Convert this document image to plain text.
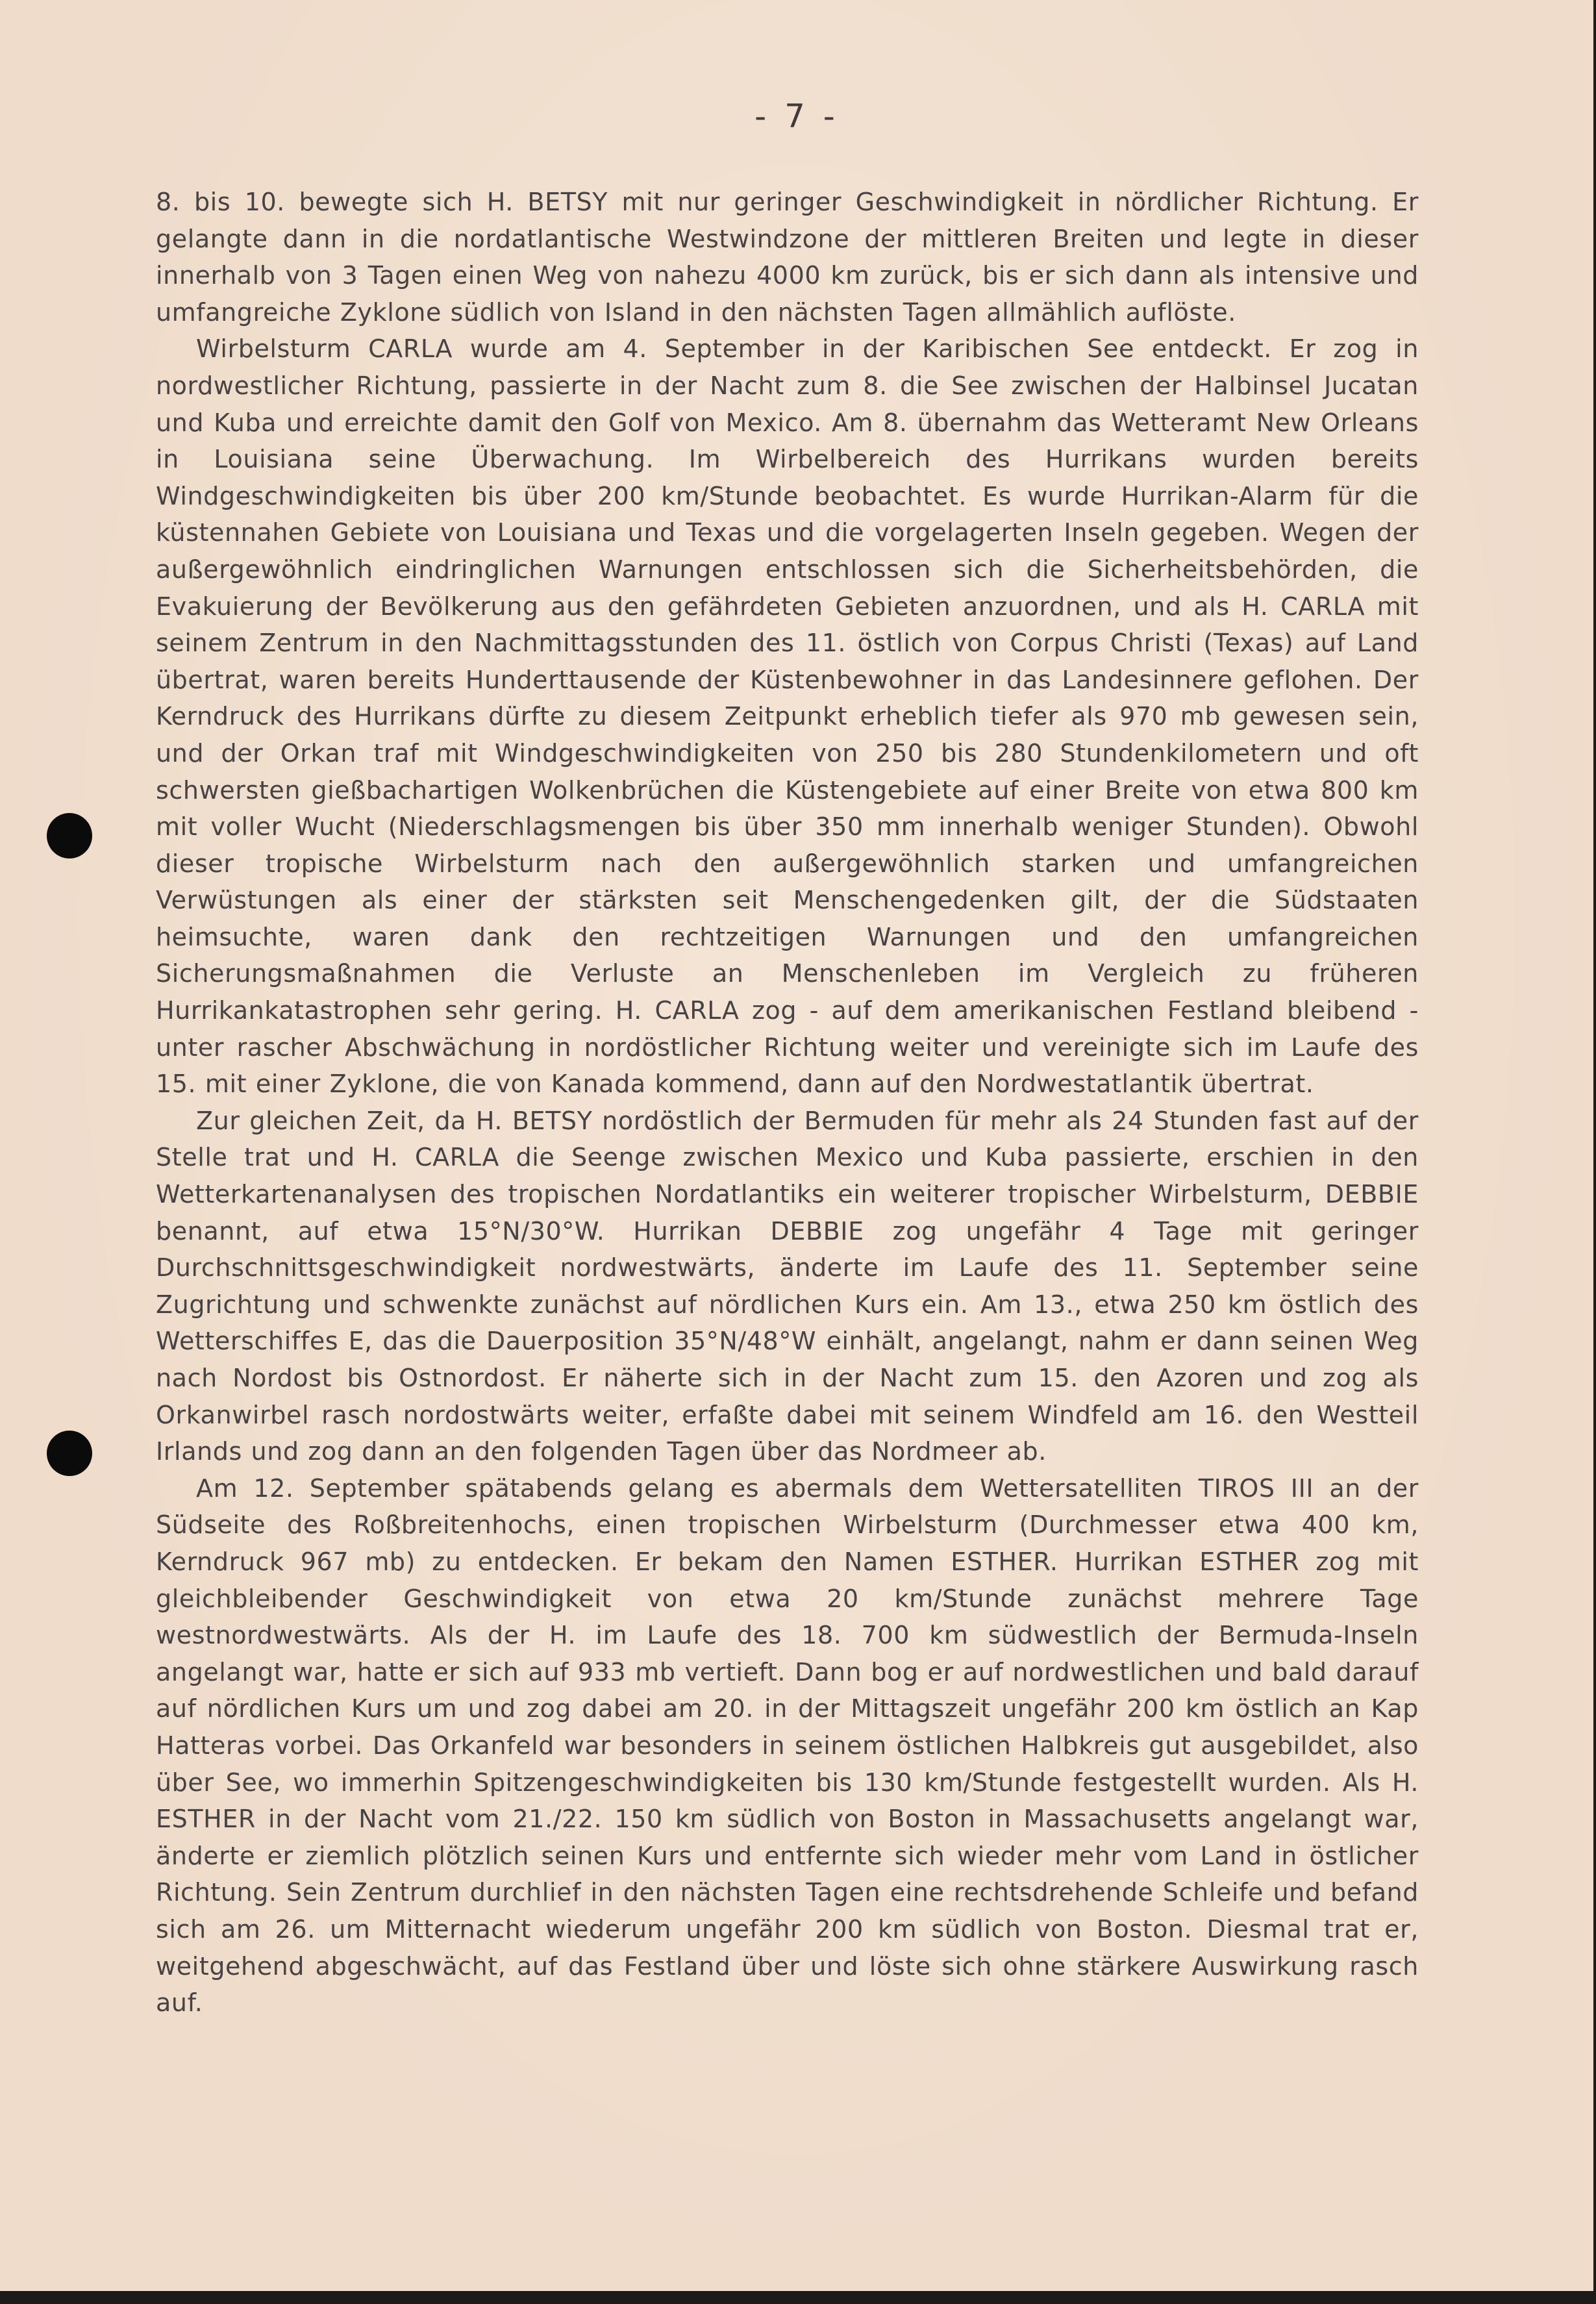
- 7 -

8. bis 10. bewegte sich H. BETSY mit nur geringer Geschwindigkeit in nördlicher Richtung. Er gelangte dann in die nordatlantische Westwindzone der mittleren Breiten und legte in dieser innerhalb von 3 Tagen einen Weg von nahezu 4000 km zurück, bis er sich dann als intensive und umfangreiche Zyklone südlich von Island in den nächsten Tagen allmählich auflöste.

Wirbelsturm CARLA wurde am 4. September in der Karibischen See entdeckt. Er zog in nordwestlicher Richtung, passierte in der Nacht zum 8. die See zwischen der Halbinsel Jucatan und Kuba und erreichte damit den Golf von Mexico. Am 8. übernahm das Wetteramt New Orleans in Louisiana seine Überwachung. Im Wirbelbereich des Hurrikans wurden bereits Windgeschwindigkeiten bis über 200 km/Stunde beobachtet. Es wurde Hurrikan-Alarm für die küstennahen Gebiete von Louisiana und Texas und die vorgelagerten Inseln gegeben. Wegen der außergewöhnlich eindringlichen Warnungen entschlossen sich die Sicherheitsbehörden, die Evakuierung der Bevölkerung aus den gefährdeten Gebieten anzuordnen, und als H. CARLA mit seinem Zentrum in den Nachmittagsstunden des 11. östlich von Corpus Christi (Texas) auf Land übertrat, waren bereits Hunderttausende der Küstenbewohner in das Landesinnere geflohen. Der Kerndruck des Hurrikans dürfte zu diesem Zeitpunkt erheblich tiefer als 970 mb gewesen sein, und der Orkan traf mit Windgeschwindigkeiten von 250 bis 280 Stundenkilometern und oft schwersten gießbachartigen Wolkenbrüchen die Küstengebiete auf einer Breite von etwa 800 km mit voller Wucht (Niederschlagsmengen bis über 350 mm innerhalb weniger Stunden). Obwohl dieser tropische Wirbelsturm nach den außergewöhnlich starken und umfangreichen Verwüstungen als einer der stärksten seit Menschengedenken gilt, der die Südstaaten heimsuchte, waren dank den rechtzeitigen Warnungen und den umfangreichen Sicherungsmaßnahmen die Verluste an Menschenleben im Vergleich zu früheren Hurrikankatastrophen sehr gering. H. CARLA zog - auf dem amerikanischen Festland bleibend - unter rascher Abschwächung in nordöstlicher Richtung weiter und vereinigte sich im Laufe des 15. mit einer Zyklone, die von Kanada kommend, dann auf den Nordwestatlantik übertrat.

Zur gleichen Zeit, da H. BETSY nordöstlich der Bermuden für mehr als 24 Stunden fast auf der Stelle trat und H. CARLA die Seenge zwischen Mexico und Kuba passierte, erschien in den Wetterkartenanalysen des tropischen Nordatlantiks ein weiterer tropischer Wirbelsturm, DEBBIE benannt, auf etwa 15°N/30°W. Hurrikan DEBBIE zog ungefähr 4 Tage mit geringer Durchschnittsgeschwindigkeit nordwestwärts, änderte im Laufe des 11. September seine Zugrichtung und schwenkte zunächst auf nördlichen Kurs ein. Am 13., etwa 250 km östlich des Wetterschiffes E, das die Dauerposition 35°N/48°W einhält, angelangt, nahm er dann seinen Weg nach Nordost bis Ostnordost. Er näherte sich in der Nacht zum 15. den Azoren und zog als Orkanwirbel rasch nordostwärts weiter, erfaßte dabei mit seinem Windfeld am 16. den Westteil Irlands und zog dann an den folgenden Tagen über das Nordmeer ab.

Am 12. September spätabends gelang es abermals dem Wettersatelliten TIROS III an der Südseite des Roßbreitenhochs, einen tropischen Wirbelsturm (Durchmesser etwa 400 km, Kerndruck 967 mb) zu entdecken. Er bekam den Namen ESTHER. Hurrikan ESTHER zog mit gleichbleibender Geschwindigkeit von etwa 20 km/Stunde zunächst mehrere Tage westnordwestwärts. Als der H. im Laufe des 18. 700 km südwestlich der Bermuda-Inseln angelangt war, hatte er sich auf 933 mb vertieft. Dann bog er auf nordwestlichen und bald darauf auf nördlichen Kurs um und zog dabei am 20. in der Mittagszeit ungefähr 200 km östlich an Kap Hatteras vorbei. Das Orkanfeld war besonders in seinem östlichen Halbkreis gut ausgebildet, also über See, wo immerhin Spitzengeschwindigkeiten bis 130 km/Stunde festgestellt wurden. Als H. ESTHER in der Nacht vom 21./22. 150 km südlich von Boston in Massachusetts angelangt war, änderte er ziemlich plötzlich seinen Kurs und entfernte sich wieder mehr vom Land in östlicher Richtung. Sein Zentrum durchlief in den nächsten Tagen eine rechtsdrehende Schleife und befand sich am 26. um Mitternacht wiederum ungefähr 200 km südlich von Boston. Diesmal trat er, weitgehend abgeschwächt, auf das Festland über und löste sich ohne stärkere Auswirkung rasch auf.
